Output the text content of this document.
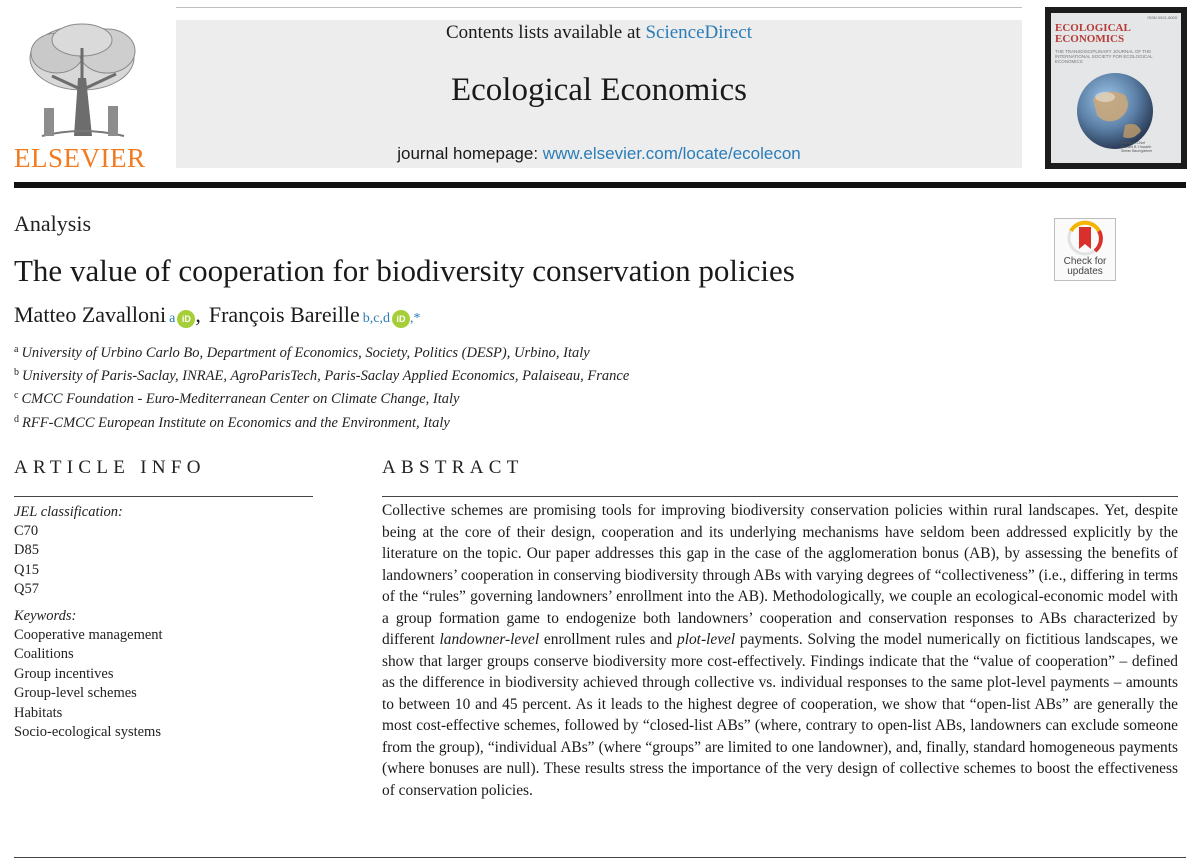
ELSEVIER
Contents lists available at ScienceDirect
Ecological Economics
journal homepage: www.elsevier.com/locate/ecolecon
ISSN 0921-8009
ECOLOGICAL
ECONOMICS
THE TRANSDISCIPLINARY JOURNAL OF THE INTERNATIONAL SOCIETY FOR ECOLOGICAL ECONOMICS
Editors-in-Chief
Richard B. Howarth
Stefan Baumgärtner
Analysis
The value of cooperation for biodiversity conservation policies	Check for
updates
Matteo Zavalloni a iD , François Bareille b,c,d iD ,*
$^a$ University of Urbino Carlo Bo, Department of Economics, Society, Politics (DESP), Urbino, Italy
$^b$ University of Paris-Saclay, INRAE, AgroParisTech, Paris-Saclay Applied Economics, Palaiseau, France
$^c$ CMCC Foundation - Euro-Mediterranean Center on Climate Change, Italy
$^d$ RFF-CMCC European Institute on Economics and the Environment, Italy
ARTICLE INFO
JEL classification:
C70
D85
Q15
Q57
Keywords:
Cooperative management
Coalitions
Group incentives
Group-level schemes
Habitats
Socio-ecological systems
ABSTRACT

Collective schemes are promising tools for improving biodiversity conservation policies within rural landscapes. Yet, despite being at the core of their design, cooperation and its underlying mechanisms have seldom been addressed explicitly by the literature on the topic. Our paper addresses this gap in the case of the agglomeration bonus (AB), by assessing the benefits of landowners’ cooperation in conserving biodiversity through ABs with varying degrees of “collectiveness” (i.e., differing in terms of the “rules” governing landowners’ enrollment into the AB). Methodologically, we couple an ecological-economic model with a group formation game to endogenize both landowners’ cooperation and conservation responses to ABs characterized by different landowner-level enrollment rules and plot-level payments. Solving the model numerically on fictitious landscapes, we show that larger groups conserve biodiversity more cost-effectively. Findings indicate that the “value of cooperation” – defined as the difference in biodiversity achieved through collective vs. individual responses to the same plot-level payments – amounts to between 10 and 45 percent. As it leads to the highest degree of cooperation, we show that “open-list ABs” are generally the most cost-effective schemes, followed by “closed-list ABs” (where, contrary to open-list ABs, landowners can exclude someone from the group), “individual ABs” (where “groups” are limited to one landowner), and, finally, standard homogeneous payments (where bonuses are null). These results stress the importance of the very design of collective schemes to boost the effectiveness of conservation policies.
